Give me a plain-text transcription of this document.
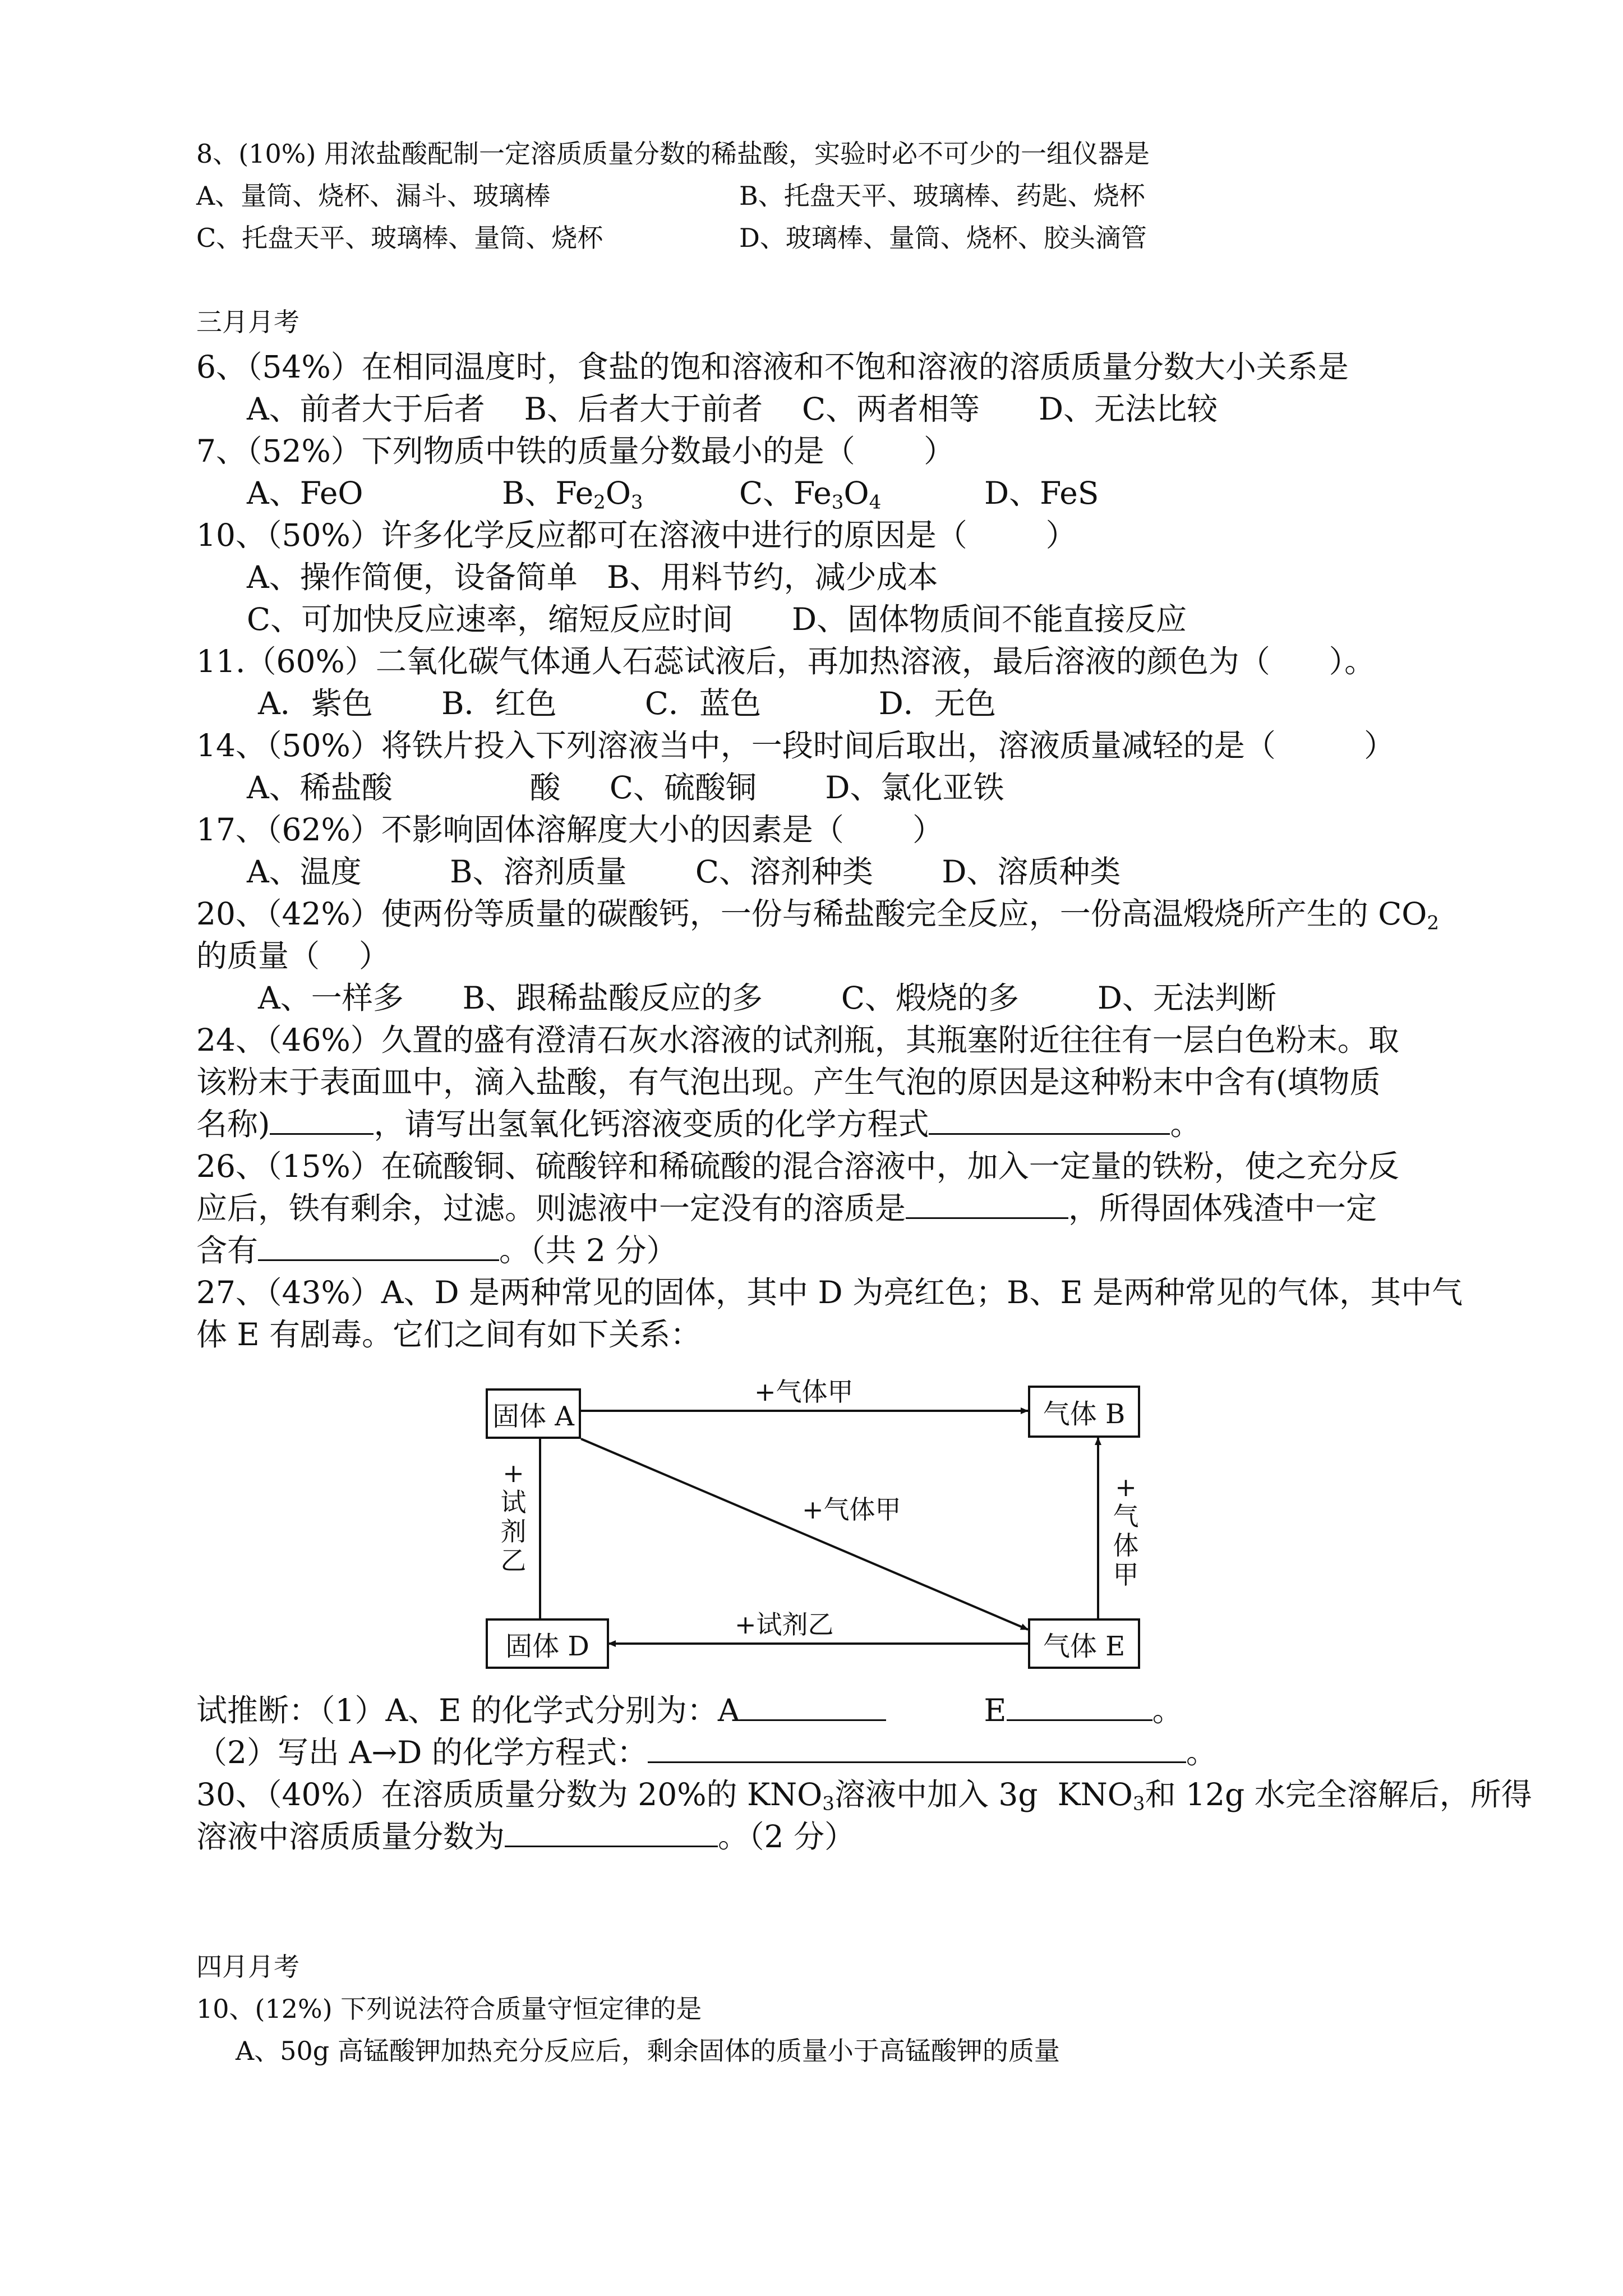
8、(10%) 用浓盐酸配制一定溶质质量分数的稀盐酸，实验时必不可少的一组仪器是
A、量筒、烧杯、漏斗、玻璃棒	B、托盘天平、玻璃棒、药匙、烧杯
C、托盘天平、玻璃棒、量筒、烧杯	D、玻璃棒、量筒、烧杯、胶头滴管
三月月考
6、（54%）在相同温度时，食盐的饱和溶液和不饱和溶液的溶质质量分数大小关系是
A、前者大于后者    B、后者大于前者    C、两者相等      D、无法比较
7、（52%）下列物质中铁的质量分数最小的是（       ）
A、FeO	B、$Fe_2O_3$	C、$Fe_3O_4$	D、FeS
10、（50%）许多化学反应都可在溶液中进行的原因是（        ）
A、操作简便，设备简单   B、用料节约，减少成本
C、可加快反应速率，缩短反应时间      D、固体物质间不能直接反应
11.（60%）二氧化碳气体通人石蕊试液后，再加热溶液，最后溶液的颜色为（      ）。
A．紫色       B．红色         C．蓝色            D．无色
14、（50%）将铁片投入下列溶液当中，一段时间后取出，溶液质量减轻的是（         ）
A、稀盐酸              酸     C、硫酸铜       D、氯化亚铁
17、（62%）不影响固体溶解度大小的因素是（       ）
A、温度         B、溶剂质量       C、溶剂种类       D、溶质种类
20、（42%）使两份等质量的碳酸钙，一份与稀盐酸完全反应，一份高温煅烧所产生的 $CO_2$
的质量（    ）
A、一样多      B、跟稀盐酸反应的多        C、煅烧的多        D、无法判断
24、（46%）久置的盛有澄清石灰水溶液的试剂瓶，其瓶塞附近往往有一层白色粉末。取
该粉末于表面皿中，滴入盐酸，有气泡出现。产生气泡的原因是这种粉末中含有(填物质
名称)	，请写出氢氧化钙溶液变质的化学方程式	。
26、（15%）在硫酸铜、硫酸锌和稀硫酸的混合溶液中，加入一定量的铁粉，使之充分反
应后，铁有剩余，过滤。则滤液中一定没有的溶质是	，所得固体残渣中一定
含有	。（共 2 分）
27、（43%）A、D 是两种常见的固体，其中 D 为亮红色；B、E 是两种常见的气体，其中气
体 E 有剧毒。它们之间有如下关系：
固体 A	气体 B
固体 D	气体 E
+气体甲
+气体甲
+试剂乙
+
试
剂
乙
+
气
体
甲
试推断：（1）A、E 的化学式分别为：A	E	。
（2）写出 A→D 的化学方程式：	。
30、（40%）在溶质质量分数为 20%的 $KNO_3$溶液中加入 3g  $KNO_3$和 12g 水完全溶解后，所得
溶液中溶质质量分数为	。（2 分）
四月月考
10、(12%) 下列说法符合质量守恒定律的是
A、50g 高锰酸钾加热充分反应后，剩余固体的质量小于高锰酸钾的质量
